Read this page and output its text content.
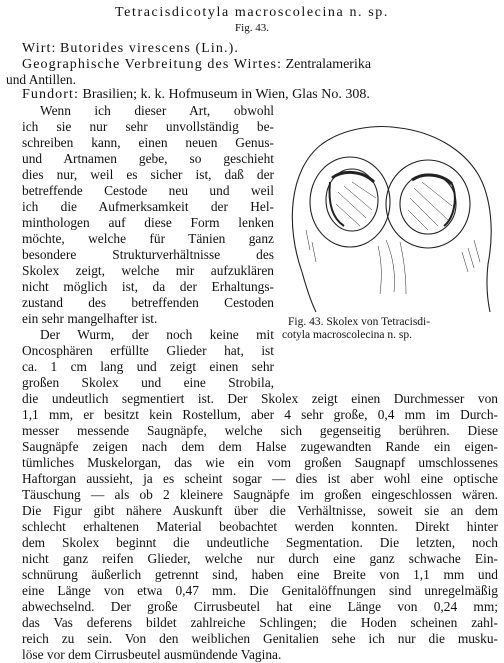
Tetracisdicotyla macroscolecina n. sp.
Fig. 43.
Wirt: Butorides virescens (Lin.).
Geographische Verbreitung des Wirtes: Zentralamerika
und Antillen.
Fundort: Brasilien; k. k. Hofmuseum in Wien, Glas No. 308.
Wenn ich dieser Art, obwohl
ich sie nur sehr unvollständig be-
schreiben kann, einen neuen Genus-
und Artnamen gebe, so geschieht
dies nur, weil es sicher ist, daß der
betreffende Cestode neu und weil
ich die Aufmerksamkeit der Hel-
minthologen auf diese Form lenken
möchte, welche für Tänien ganz
besondere Strukturverhältnisse des
Skolex zeigt, welche mir aufzuklären
nicht möglich ist, da der Erhaltungs-
zustand des betreffenden Cestoden
ein sehr mangelhafter ist.
Der Wurm, der noch keine mit
Oncosphären erfüllte Glieder hat, ist
ca. 1 cm lang und zeigt einen sehr
großen Skolex und eine Strobila,
Fig. 43. Skolex von Tetracisdi-
cotyla macroscolecina n. sp.
die undeutlich segmentiert ist. Der Skolex zeigt einen Durchmesser von
1,1 mm, er besitzt kein Rostellum, aber 4 sehr große, 0,4 mm im Durch-
messer messende Saugnäpfe, welche sich gegenseitig berühren. Diese
Saugnäpfe zeigen nach dem dem Halse zugewandten Rande ein eigen-
tümliches Muskelorgan, das wie ein vom großen Saugnapf umschlossenes
Haftorgan aussieht, ja es scheint sogar — dies ist aber wohl eine optische
Täuschung — als ob 2 kleinere Saugnäpfe im großen eingeschlossen wären.
Die Figur gibt nähere Auskunft über die Verhältnisse, soweit sie an dem
schlecht erhaltenen Material beobachtet werden konnten. Direkt hinter
dem Skolex beginnt die undeutliche Segmentation. Die letzten, noch
nicht ganz reifen Glieder, welche nur durch eine ganz schwache Ein-
schnürung äußerlich getrennt sind, haben eine Breite von 1,1 mm und
eine Länge von etwa 0,47 mm. Die Genitalöffnungen sind unregelmäßig
abwechselnd. Der große Cirrusbeutel hat eine Länge von 0,24 mm;
das Vas deferens bildet zahlreiche Schlingen; die Hoden scheinen zahl-
reich zu sein. Von den weiblichen Genitalien sehe ich nur die musku-
löse vor dem Cirrusbeutel ausmündende Vagina.
